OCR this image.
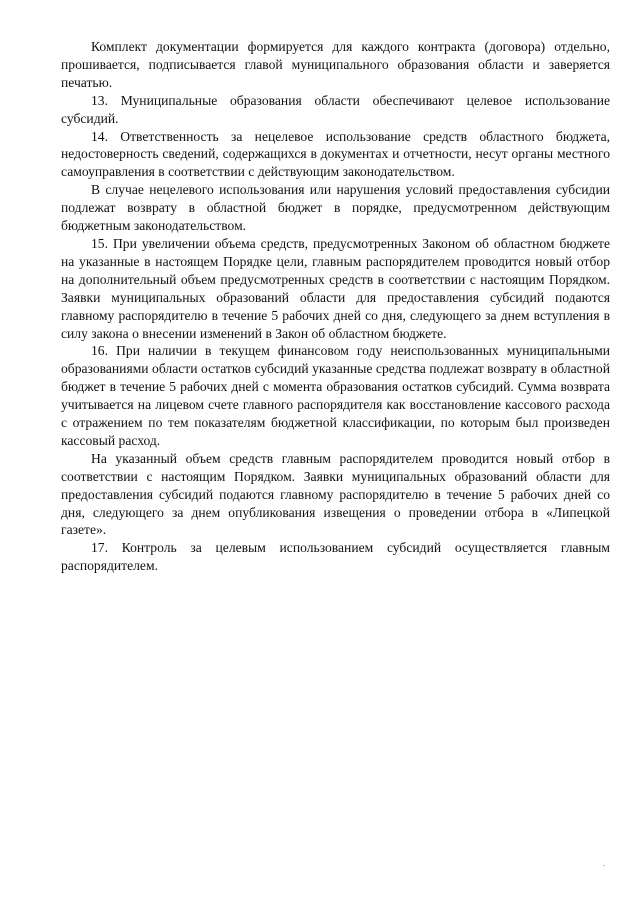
Комплект документации формируется для каждого контракта (договора) отдельно, прошивается, подписывается главой муниципального образования области и заверяется печатью.

13. Муниципальные образования области обеспечивают целевое использование субсидий.

14. Ответственность за нецелевое использование средств областного бюджета, недостоверность сведений, содержащихся в документах и отчетности, несут органы местного самоуправления в соответствии с действующим законодательством.

В случае нецелевого использования или нарушения условий предоставления субсидии подлежат возврату в областной бюджет в порядке, предусмотренном действующим бюджетным законодательством.

15. При увеличении объема средств, предусмотренных Законом об областном бюджете на указанные в настоящем Порядке цели, главным распорядителем проводится новый отбор на дополнительный объем предусмотренных средств в соответствии с настоящим Порядком. Заявки муниципальных образований области для предоставления субсидий подаются главному распорядителю в течение 5 рабочих дней со дня, следующего за днем вступления в силу закона о внесении изменений в Закон об областном бюджете.

16. При наличии в текущем финансовом году неиспользованных муниципальными образованиями области остатков субсидий указанные средства подлежат возврату в областной бюджет в течение 5 рабочих дней с момента образования остатков субсидий. Сумма возврата учитывается на лицевом счете главного распорядителя как восстановление кассового расхода с отражением по тем показателям бюджетной классификации, по которым был произведен кассовый расход.

На указанный объем средств главным распорядителем проводится новый отбор в соответствии с настоящим Порядком. Заявки муниципальных образований области для предоставления субсидий подаются главному распорядителю в течение 5 рабочих дней со дня, следующего за днем опубликования извещения о проведении отбора в «Липецкой газете».

17. Контроль за целевым использованием субсидий осуществляется главным распорядителем.

.
